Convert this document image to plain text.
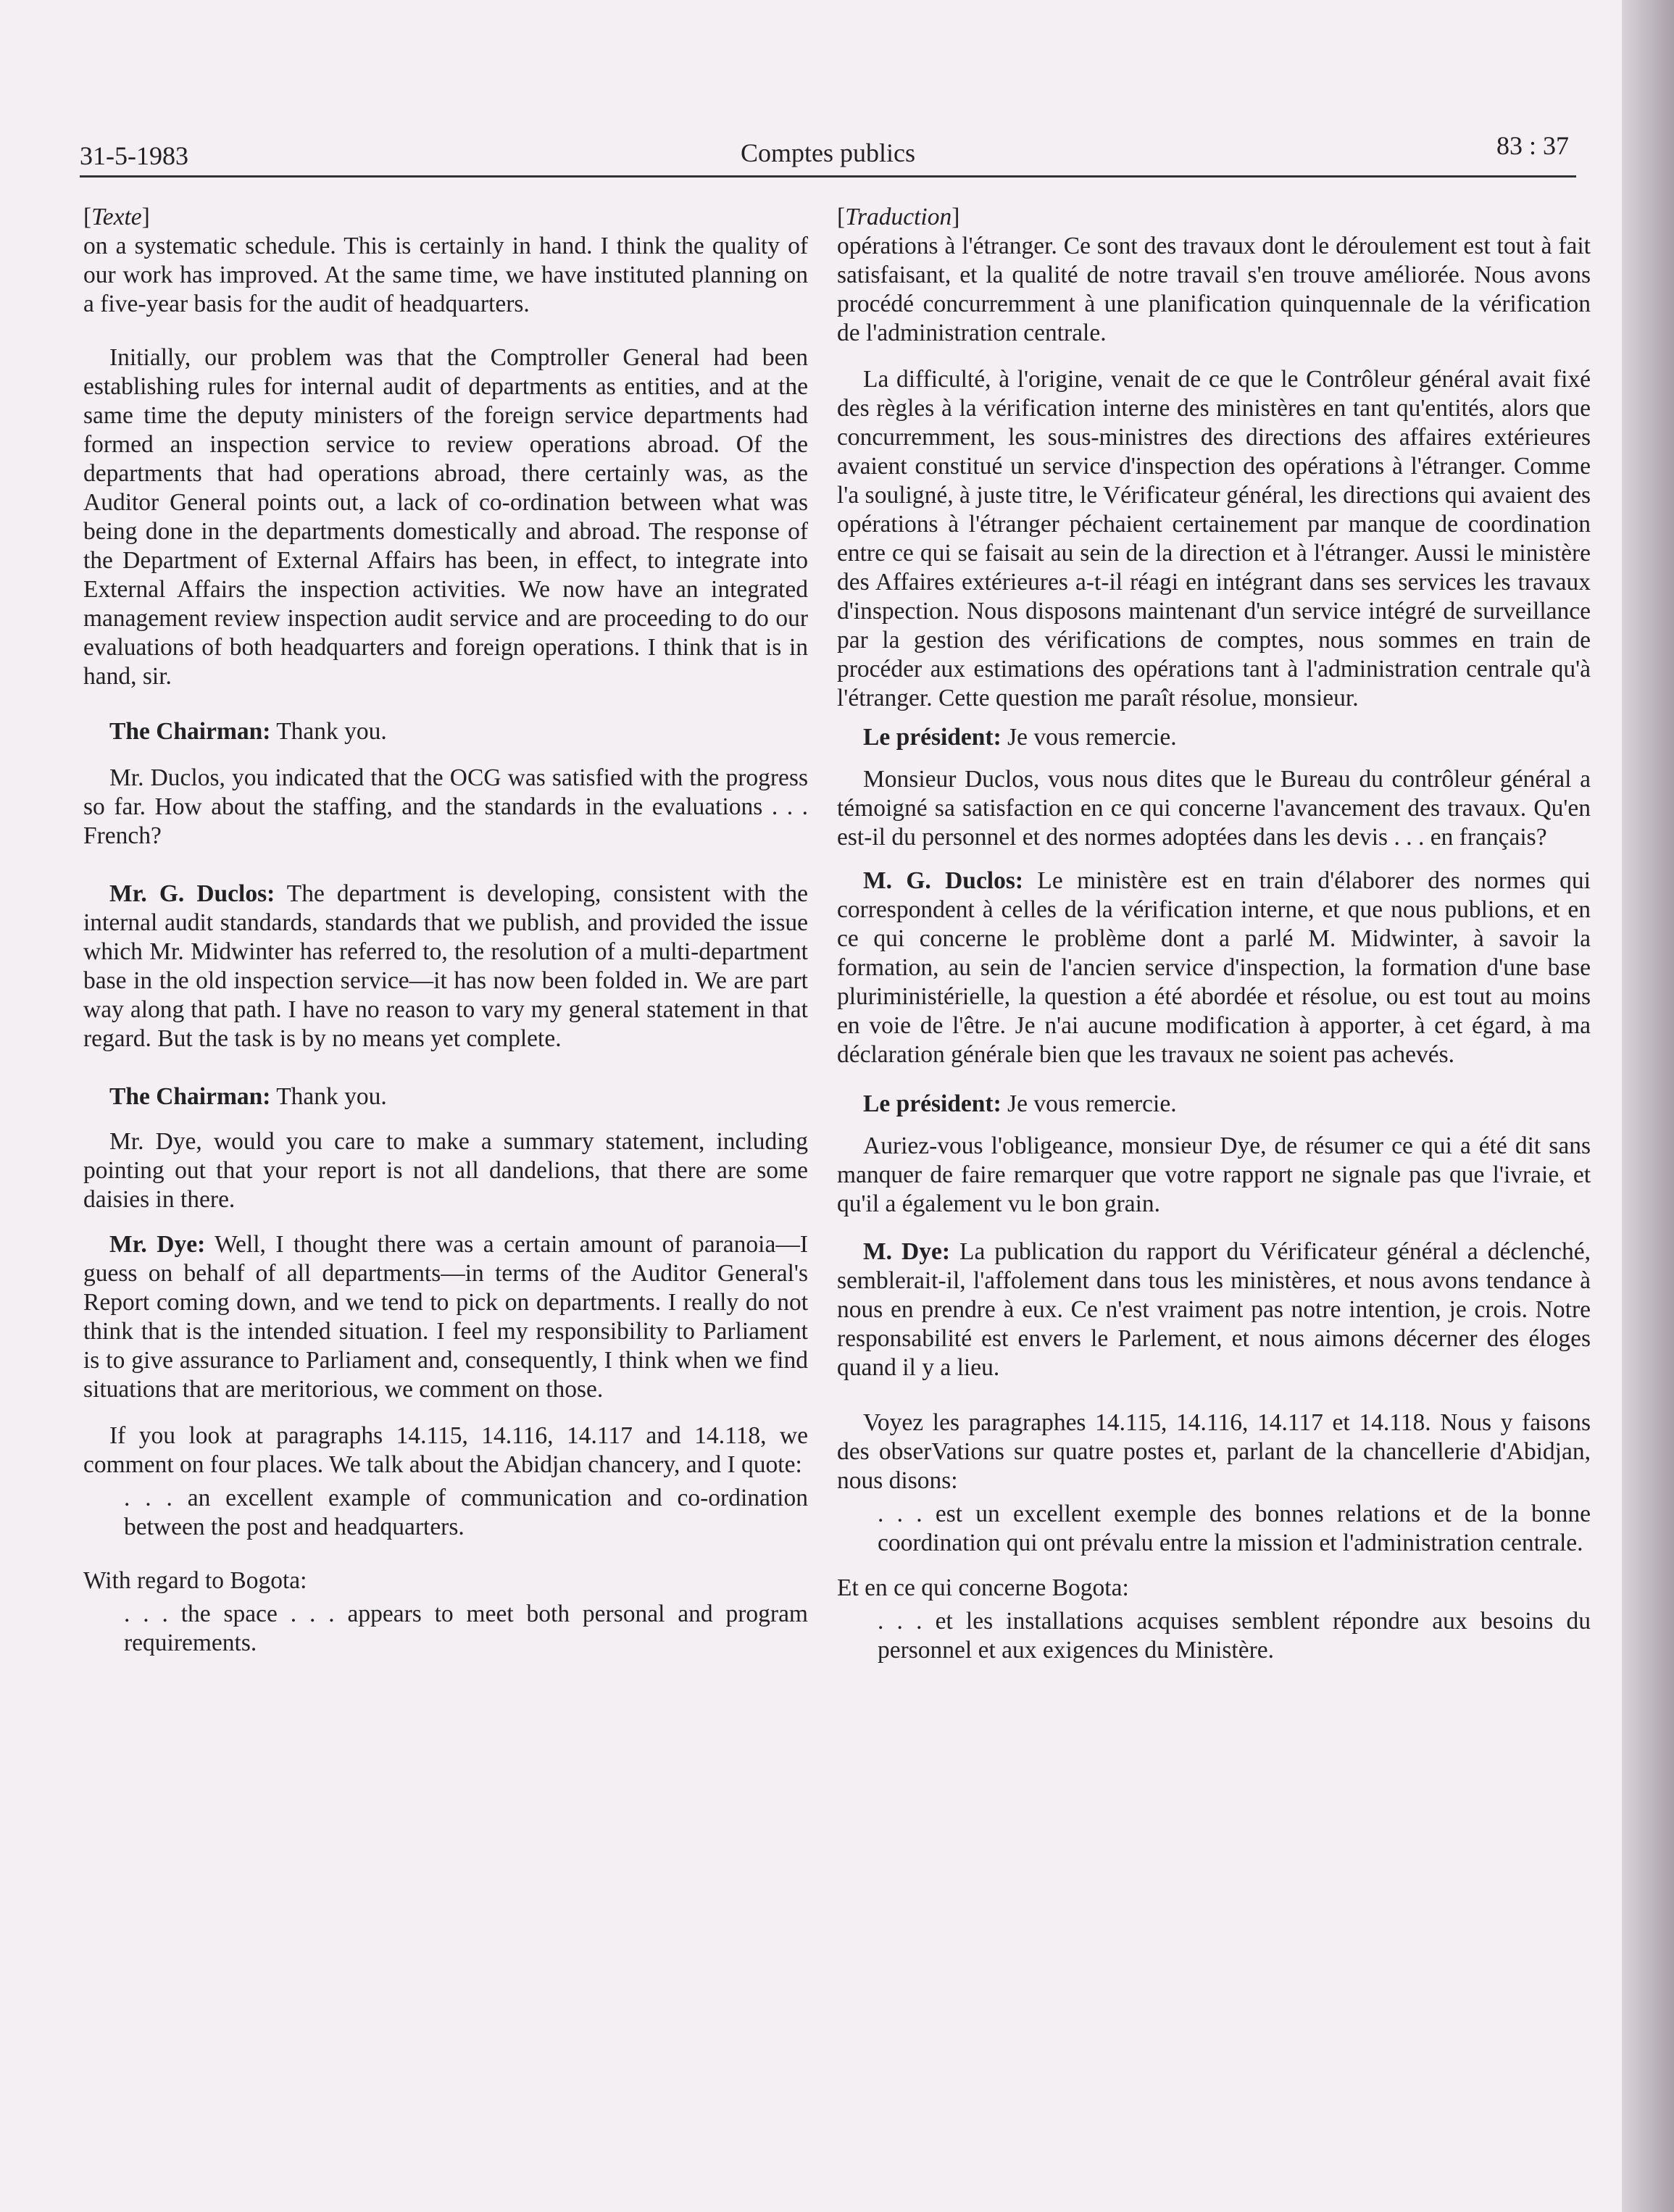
31-5-1983	Comptes publics	83 : 37

[Texte]

on a systematic schedule. This is certainly in hand. I think the quality of our work has improved. At the same time, we have instituted planning on a five-year basis for the audit of headquarters.

Initially, our problem was that the Comptroller General had been establishing rules for internal audit of departments as entities, and at the same time the deputy ministers of the foreign service departments had formed an inspection service to review operations abroad. Of the departments that had operations abroad, there certainly was, as the Auditor General points out, a lack of co-ordination between what was being done in the departments domestically and abroad. The response of the Department of External Affairs has been, in effect, to integrate into External Affairs the inspection activities. We now have an integrated management review inspection audit service and are proceeding to do our evaluations of both headquarters and foreign operations. I think that is in hand, sir.

The Chairman: Thank you.

Mr. Duclos, you indicated that the OCG was satisfied with the progress so far. How about the staffing, and the standards in the evaluations . . . French?

Mr. G. Duclos: The department is developing, consistent with the internal audit standards, standards that we publish, and provided the issue which Mr. Midwinter has referred to, the resolution of a multi-department base in the old inspection service—it has now been folded in. We are part way along that path. I have no reason to vary my general statement in that regard. But the task is by no means yet complete.

The Chairman: Thank you.

Mr. Dye, would you care to make a summary statement, including pointing out that your report is not all dandelions, that there are some daisies in there.

Mr. Dye: Well, I thought there was a certain amount of paranoia—I guess on behalf of all departments—in terms of the Auditor General's Report coming down, and we tend to pick on departments. I really do not think that is the intended situation. I feel my responsibility to Parliament is to give assurance to Parliament and, consequently, I think when we find situations that are meritorious, we comment on those.

If you look at paragraphs 14.115, 14.116, 14.117 and 14.118, we comment on four places. We talk about the Abidjan chancery, and I quote:

. . . an excellent example of communication and co-ordination between the post and headquarters.

With regard to Bogota:

. . . the space . . . appears to meet both personal and program requirements.

[Traduction]

opérations à l'étranger. Ce sont des travaux dont le déroulement est tout à fait satisfaisant, et la qualité de notre travail s'en trouve améliorée. Nous avons procédé concurremment à une planification quinquennale de la vérification de l'administration centrale.

La difficulté, à l'origine, venait de ce que le Contrôleur général avait fixé des règles à la vérification interne des ministères en tant qu'entités, alors que concurremment, les sous-ministres des directions des affaires extérieures avaient constitué un service d'inspection des opérations à l'étranger. Comme l'a souligné, à juste titre, le Vérificateur général, les directions qui avaient des opérations à l'étranger péchaient certainement par manque de coordination entre ce qui se faisait au sein de la direction et à l'étranger. Aussi le ministère des Affaires extérieures a-t-il réagi en intégrant dans ses services les travaux d'inspection. Nous disposons maintenant d'un service intégré de surveillance par la gestion des vérifications de comptes, nous sommes en train de procéder aux estimations des opérations tant à l'administration centrale qu'à l'étranger. Cette question me paraît résolue, monsieur.

Le président: Je vous remercie.

Monsieur Duclos, vous nous dites que le Bureau du contrôleur général a témoigné sa satisfaction en ce qui concerne l'avancement des travaux. Qu'en est-il du personnel et des normes adoptées dans les devis . . . en français?

M. G. Duclos: Le ministère est en train d'élaborer des normes qui correspondent à celles de la vérification interne, et que nous publions, et en ce qui concerne le problème dont a parlé M. Midwinter, à savoir la formation, au sein de l'ancien service d'inspection, la formation d'une base pluriministérielle, la question a été abordée et résolue, ou est tout au moins en voie de l'être. Je n'ai aucune modification à apporter, à cet égard, à ma déclaration générale bien que les travaux ne soient pas achevés.

Le président: Je vous remercie.

Auriez-vous l'obligeance, monsieur Dye, de résumer ce qui a été dit sans manquer de faire remarquer que votre rapport ne signale pas que l'ivraie, et qu'il a également vu le bon grain.

M. Dye: La publication du rapport du Vérificateur général a déclenché, semblerait-il, l'affolement dans tous les ministères, et nous avons tendance à nous en prendre à eux. Ce n'est vraiment pas notre intention, je crois. Notre responsabilité est envers le Parlement, et nous aimons décerner des éloges quand il y a lieu.

Voyez les paragraphes 14.115, 14.116, 14.117 et 14.118. Nous y faisons des obserVations sur quatre postes et, parlant de la chancellerie d'Abidjan, nous disons:

. . . est un excellent exemple des bonnes relations et de la bonne coordination qui ont prévalu entre la mission et l'administration centrale.

Et en ce qui concerne Bogota:

. . . et les installations acquises semblent répondre aux besoins du personnel et aux exigences du Ministère.
